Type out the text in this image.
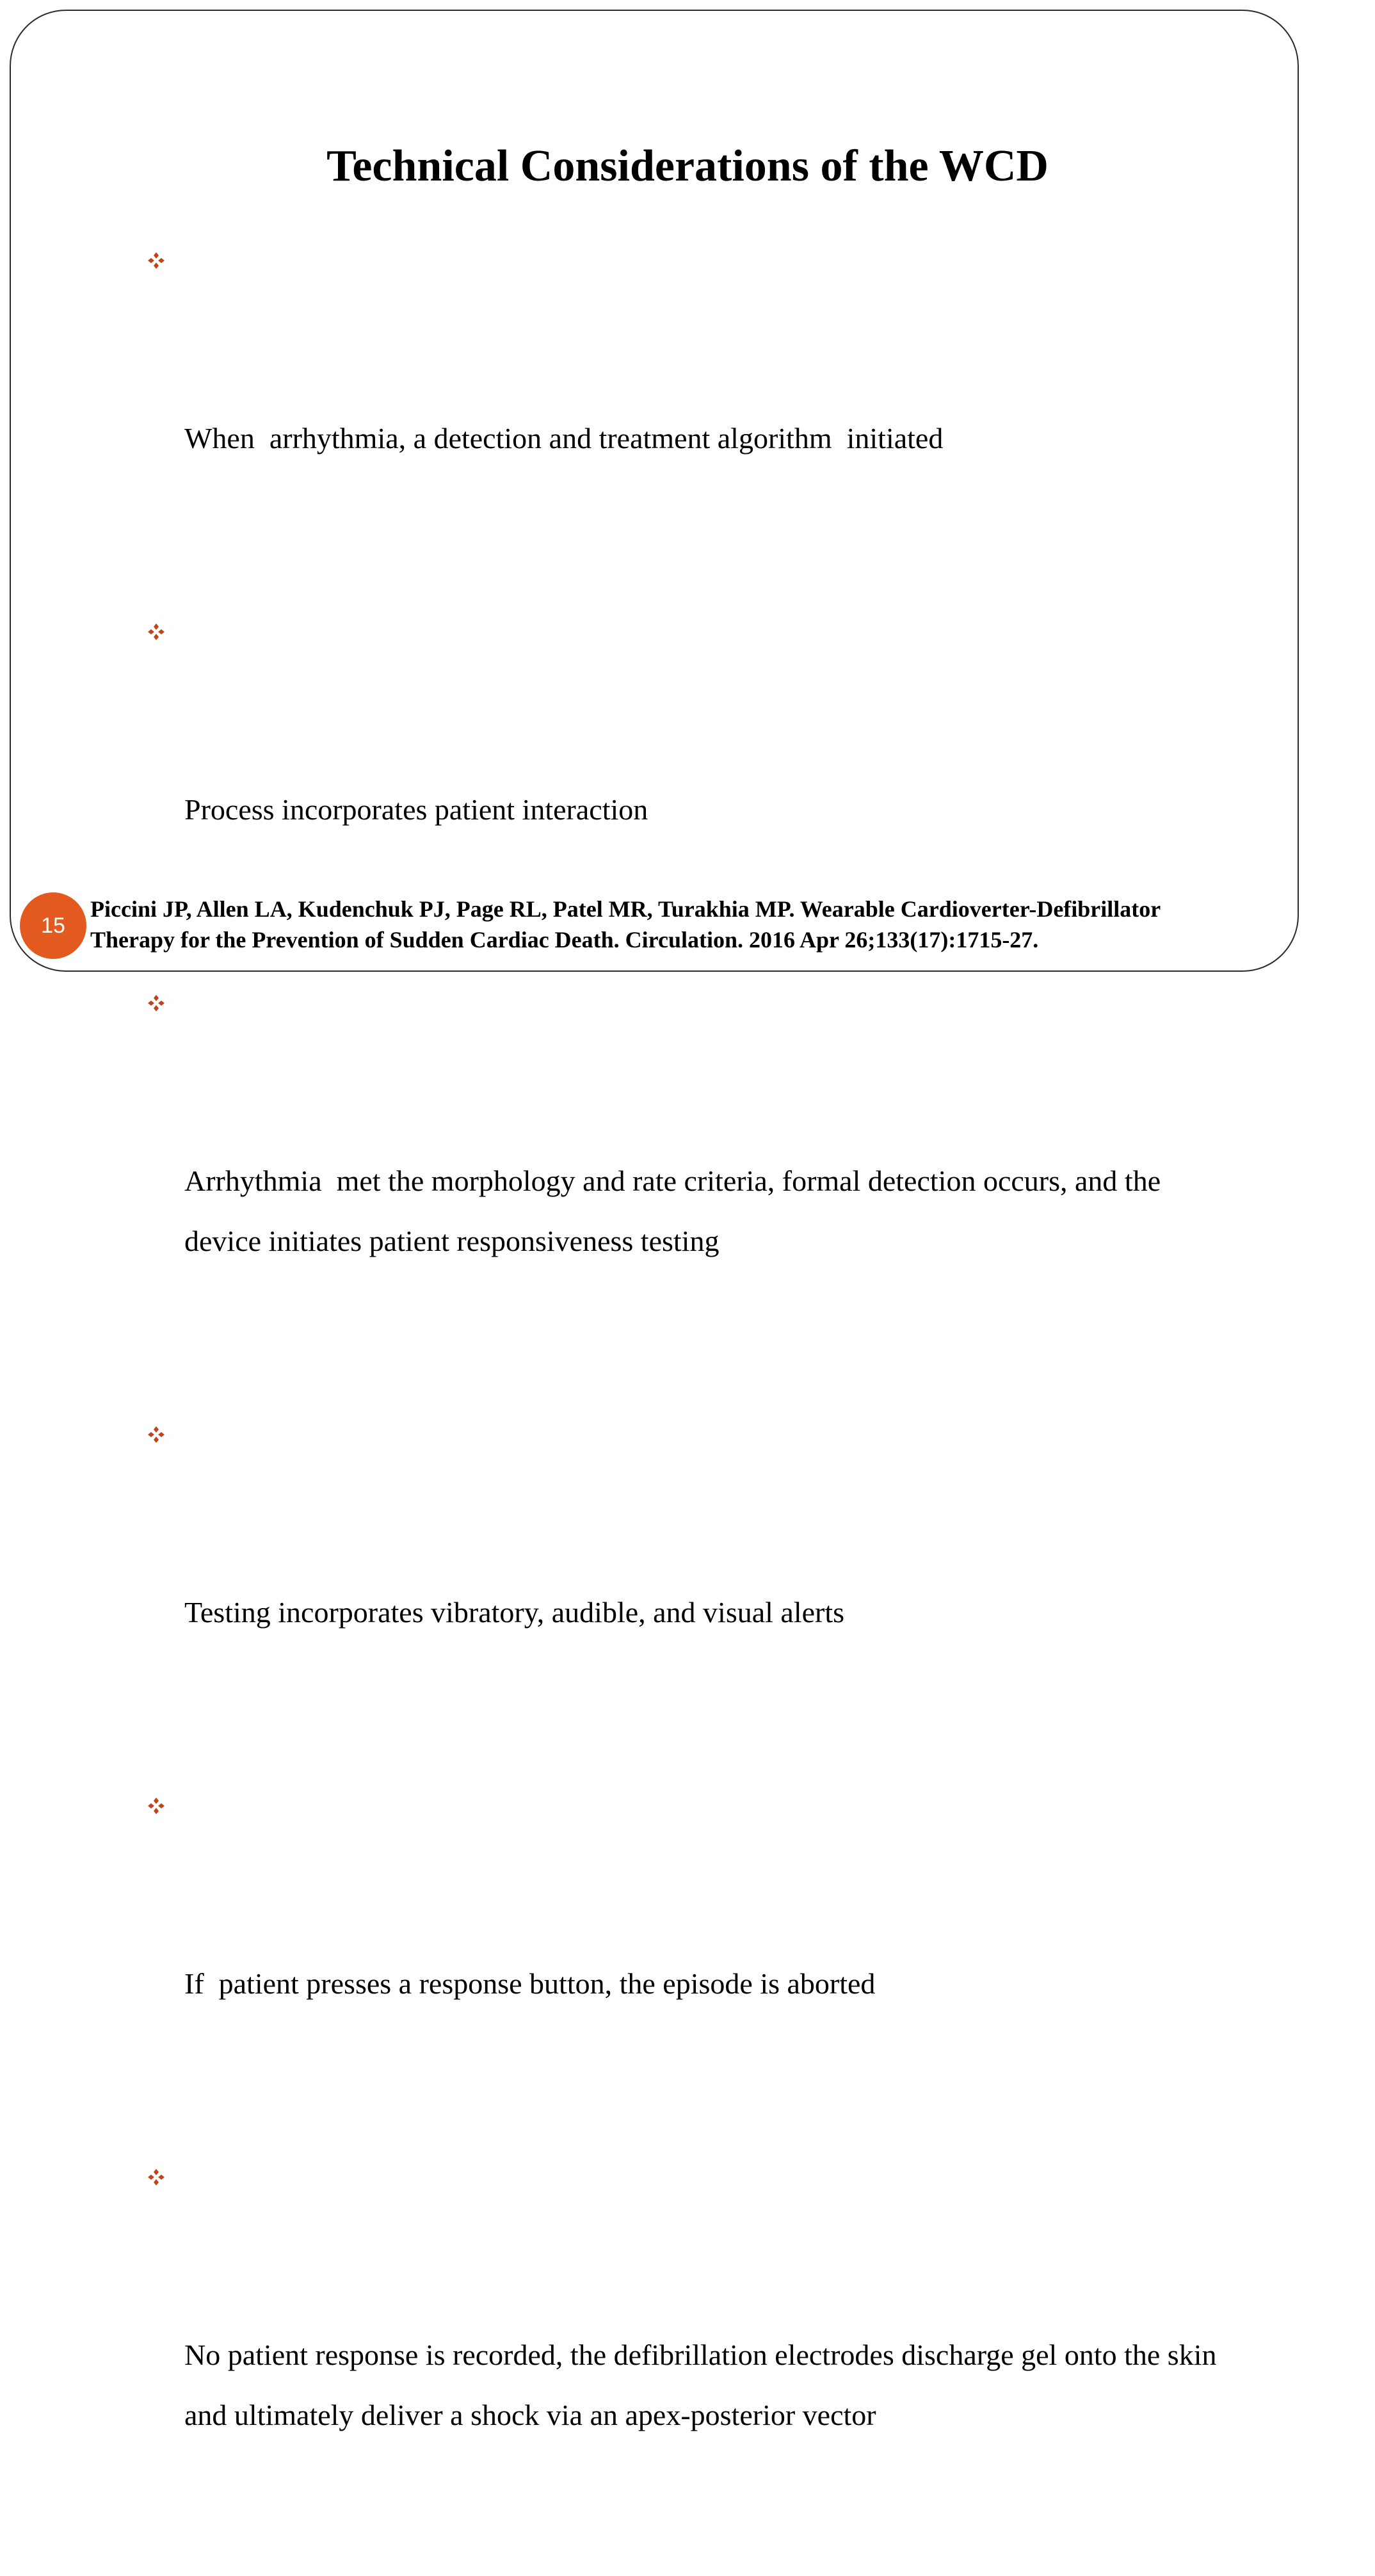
Technical Considerations of the WCD

When  arrhythmia, a detection and treatment algorithm  initiated

Process incorporates patient interaction

Arrhythmia  met the morphology and rate criteria, formal detection occurs, and the device initiates patient responsiveness testing

Testing incorporates vibratory, audible, and visual alerts

If  patient presses a response button, the episode is aborted

No patient response is recorded, the defibrillation electrodes discharge gel onto the skin and ultimately deliver a shock via an apex-posterior vector

15

Piccini JP, Allen LA, Kudenchuk PJ, Page RL, Patel MR, Turakhia MP. Wearable Cardioverter-Defibrillator
Therapy for the Prevention of Sudden Cardiac Death. Circulation. 2016 Apr 26;133(17):1715-27.
